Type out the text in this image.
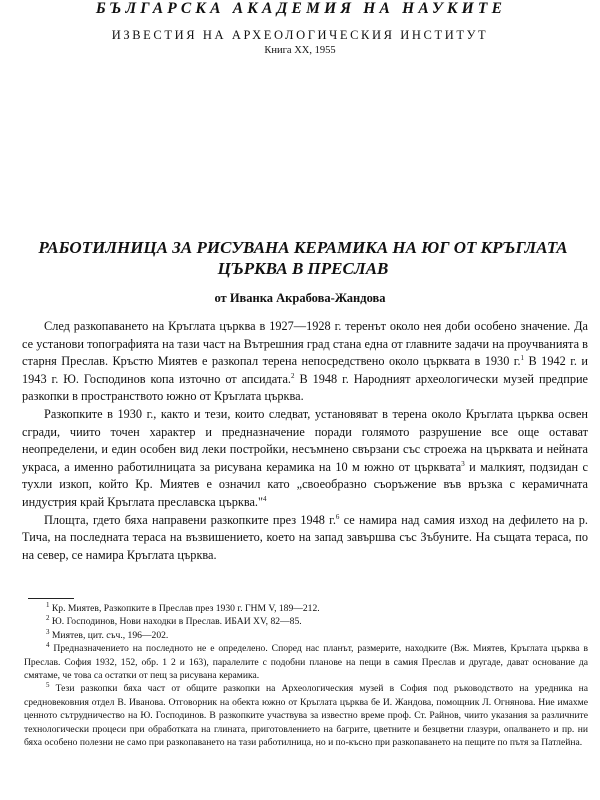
БЪЛГАРСКА АКАДЕМИЯ НА НАУКИТЕ
ИЗВЕСТИЯ НА АРХЕОЛОГИЧЕСКИЯ ИНСТИТУТ
Книга XX, 1955
РАБОТИЛНИЦА ЗА РИСУВАНА КЕРАМИКА НА ЮГ ОТ КРЪГЛАТА ЦЪРКВА В ПРЕСЛАВ
от Иванка Акрабова-Жандова

След разкопаването на Кръглата църква в 1927—1928 г. теренът около нея доби особено значение. Да се установи топографията на тази част на Вътрешния град стана една от главните задачи на проучванията в старня Преслав. Кръстю Миятев е разкопал терена непосредствено около църквата в 1930 г.$^1$ В 1942 г. и 1943 г. Ю. Господинов копа източно от апсидата.$^2$ В 1948 г. Народният археологически музей предприе разкопки в пространството южно от Кръглата църква.

Разкопките в 1930 г., както и тези, които следват, установяват в терена около Кръглата църква освен сгради, чиито точен характер и предназначение поради голямото разрушение все още остават неопределени, и един особен вид леки постройки, несъмнено свързани със строежа на църквата и нейната украса, а именно работилницата за рисувана керамика на 10 м южно от църквата$^3$ и малкият, подзидан с тухли изкоп, който Кр. Миятев е означил като „своеобразно съоръжение във връзка с керамичната индустрия край Кръглата преславска църква."$^4$

Площта, гдето бяха направени разкопките през 1948 г.$^6$ се намира над самия изход на дефилето на р. Тича, на последната тераса на възвишението, което на запад завършва със Зъбуните. На същата тераса, по на север, се намира Кръглата църква.

$^1$ Кр. Миятев, Разкопките в Преслав през 1930 г. ГНМ V, 189—212.

$^2$ Ю. Господинов, Нови находки в Преслав. ИБАИ XV, 82—85.

$^3$ Миятев, цит. съч., 196—202.

$^4$ Предназначението на последното не е определено. Според нас планът, размерите, находките (Вж. Миятев, Кръглата църква в Преслав. София 1932, 152, обр. 1 2 и 163), паралелите с подобни планове на пещи в самия Преслав и другаде, дават основание да смятаме, че това са остатки от пещ за рисувана керамика.

$^5$ Тези разкопки бяха част от общите разкопки на Археологическия музей в София под ръководството на уредника на средновековния отдел В. Иванова. Отговорник на обекта южно от Кръглата църква бе И. Жандова, помощник Л. Огнянова. Ние имахме ценното сътрудничество на Ю. Господинов. В разкопките участвува за известно време проф. Ст. Райнов, чиито указания за различните технологически процеси при обработката на глината, приготовлението на багрите, цветните и безцветни глазури, опалването и пр. ни бяха особено полезни не само при разкопаването на тази работилница, но и по-късно при разкопаването на пещите по пътя за Патлейна.
